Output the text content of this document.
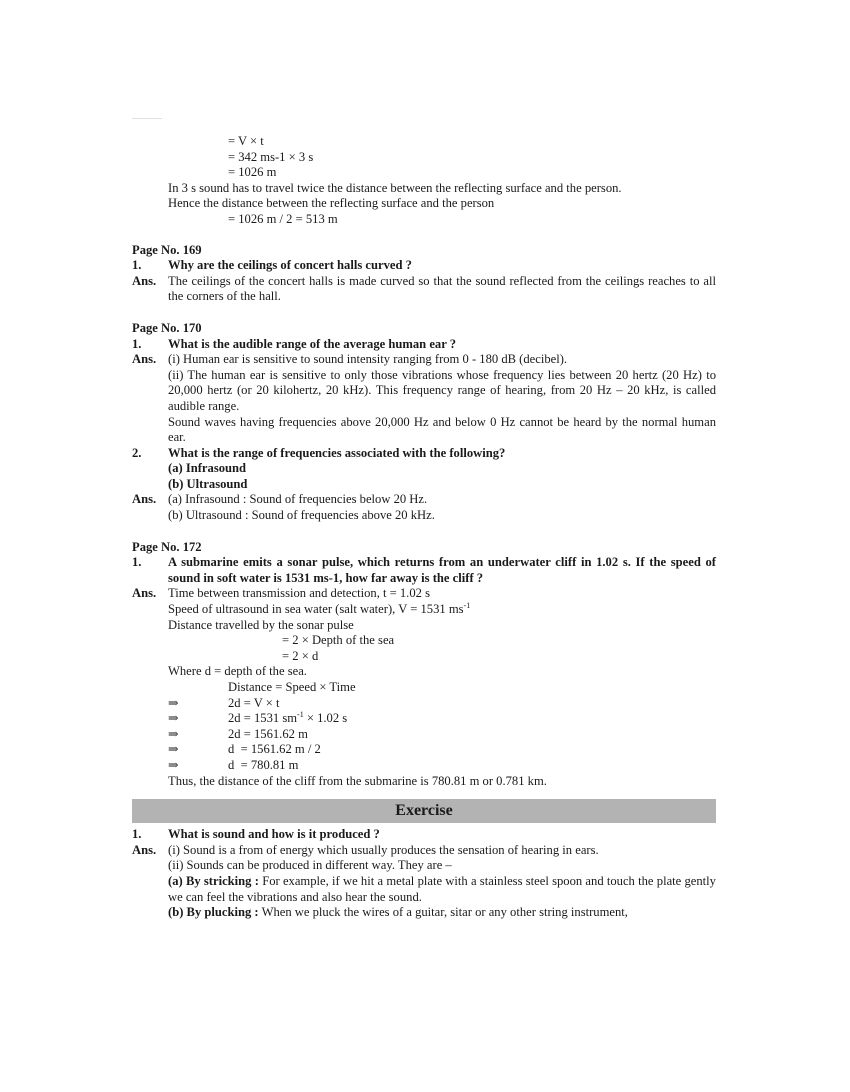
= V × t
= 342 ms-1 × 3 s
= 1026 m
In 3 s sound has to travel twice the distance between the reflecting surface and the person.
Hence the distance between the reflecting surface and the person
= 1026 m / 2 = 513 m
Page No. 169
1.	Why are the ceilings of concert halls curved ?
Ans. The ceilings of the concert halls is made curved so that the sound reflected from the ceilings reaches to all the corners of the hall.
Page No. 170
1.	What is the audible range of the average human ear ?
Ans. (i) Human ear is sensitive to sound intensity ranging from 0 - 180 dB (decibel).
(ii) The human ear is sensitive to only those vibrations whose frequency lies between 20 hertz (20 Hz) to 20,000 hertz (or 20 kilohertz, 20 kHz). This frequency range of hearing, from 20 Hz – 20 kHz, is called audible range.
Sound waves having frequencies above 20,000 Hz and below 0 Hz cannot be heard by the normal human ear.
2.	What is the range of frequencies associated with the following?
(a) Infrasound
(b) Ultrasound
Ans. (a) Infrasound : Sound of frequencies below 20 Hz.
(b) Ultrasound : Sound of frequencies above 20 kHz.
Page No. 172
1.	A submarine emits a sonar pulse, which returns from an underwater cliff in 1.02 s. If the speed of sound in soft water is 1531 ms-1, how far away is the cliff ?
Ans. Time between transmission and detection, t = 1.02 s
Speed of ultrasound in sea water (salt water), V = 1531 $ms^{-1}$
Distance travelled by the sonar pulse
= 2 × Depth of the sea
= 2 × d
Where d = depth of the sea.
Distance = Speed × Time
⇒	2d = V × t
⇒	2d = 1531 $sm^{-1} \times 1.02$ s
⇒	2d = 1561.62 m
⇒	d  = 1561.62 m / 2
⇒	d  = 780.81 m
Thus, the distance of the cliff from the submarine is 780.81 m or 0.781 km.
Exercise
1.	What is sound and how is it produced ?
Ans. (i) Sound is a from of energy which usually produces the sensation of hearing in ears.
(ii) Sounds can be produced in different way. They are –
(a) By stricking : For example, if we hit a metal plate with a stainless steel spoon and touch the plate gently we can feel the vibrations and also hear the sound.
(b) By plucking : When we pluck the wires of a guitar, sitar or any other string instrument,
